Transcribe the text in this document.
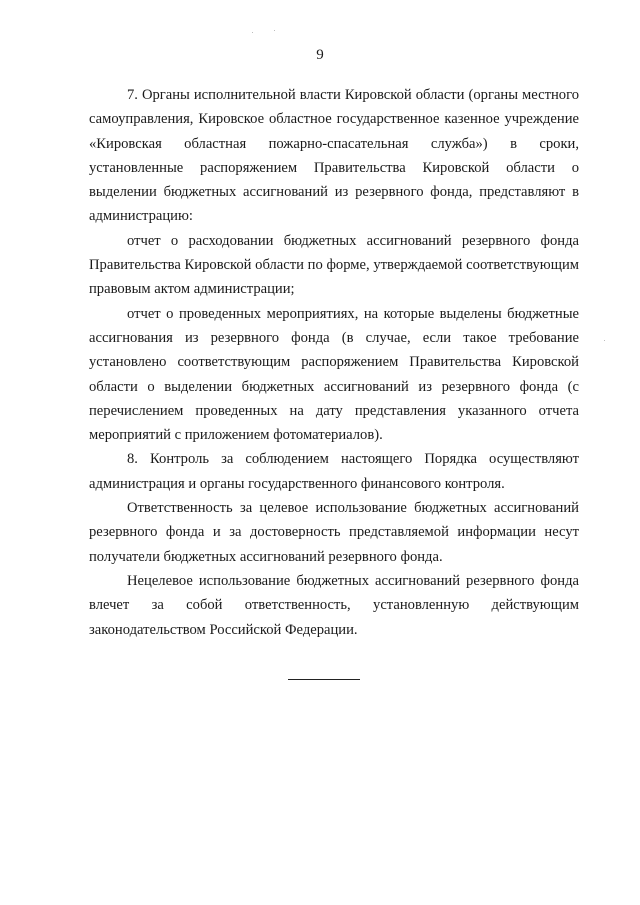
9

7. Органы исполнительной власти Кировской области (органы местного самоуправления, Кировское областное государственное казенное учреждение «Кировская областная пожарно-спасательная служба») в сроки, установленные распоряжением Правительства Кировской области о выделении бюджетных ассигнований из резервного фонда, представляют в администрацию:

отчет о расходовании бюджетных ассигнований резервного фонда Правительства Кировской области по форме, утверждаемой соответствующим правовым актом администрации;

отчет о проведенных мероприятиях, на которые выделены бюджетные ассигнования из резервного фонда (в случае, если такое требование установлено соответствующим распоряжением Правительства Кировской области о выделении бюджетных ассигнований из резервного фонда (с перечислением проведенных на дату представления указанного отчета мероприятий с приложением фотоматериалов).

8. Контроль за соблюдением настоящего Порядка осуществляют администрация и органы государственного финансового контроля.

Ответственность за целевое использование бюджетных ассигнований резервного фонда и за достоверность представляемой информации несут получатели бюджетных ассигнований резервного фонда.

Нецелевое использование бюджетных ассигнований резервного фонда влечет за собой ответственность, установленную действующим законодательством Российской Федерации.
